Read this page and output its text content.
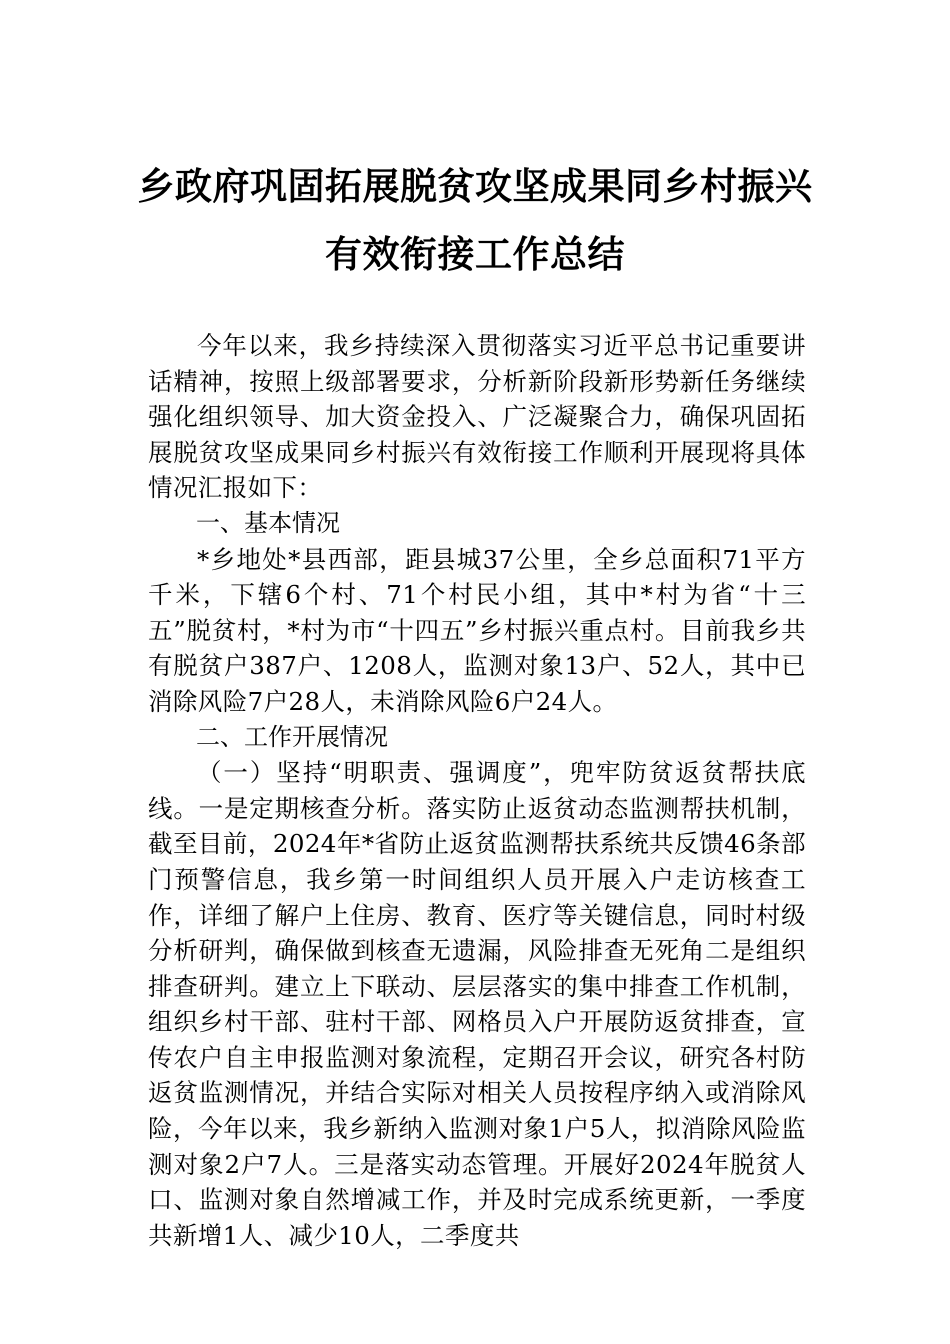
乡政府巩固拓展脱贫攻坚成果同乡村振兴
有效衔接工作总结

今年以来，我乡持续深入贯彻落实习近平总书记重要讲话精神，按照上级部署要求，分析新阶段新形势新任务继续强化组织领导、加大资金投入、广泛凝聚合力，确保巩固拓展脱贫攻坚成果同乡村振兴有效衔接工作顺利开展现将具体情况汇报如下：

一、基本情况

*乡地处*县西部，距县城37公里，全乡总面积71平方千米，下辖6个村、71个村民小组，其中*村为省“十三五”脱贫村，*村为市“十四五”乡村振兴重点村。目前我乡共有脱贫户387户、1208人，监测对象13户、52人，其中已消除风险7户28人，未消除风险6户24人。

二、工作开展情况

（一）坚持“明职责、强调度”，兜牢防贫返贫帮扶底线。一是定期核查分析。落实防止返贫动态监测帮扶机制，截至目前，2024年*省防止返贫监测帮扶系统共反馈46条部门预警信息，我乡第一时间组织人员开展入户走访核查工作，详细了解户上住房、教育、医疗等关键信息，同时村级分析研判，确保做到核查无遗漏，风险排查无死角二是组织排查研判。建立上下联动、层层落实的集中排查工作机制，组织乡村干部、驻村干部、网格员入户开展防返贫排查，宣传农户自主申报监测对象流程，定期召开会议，研究各村防返贫监测情况，并结合实际对相关人员按程序纳入或消除风险，今年以来，我乡新纳入监测对象1户5人，拟消除风险监测对象2户7人。三是落实动态管理。开展好2024年脱贫人口、监测对象自然增减工作，并及时完成系统更新，一季度共新增1人、减少10人，二季度共
